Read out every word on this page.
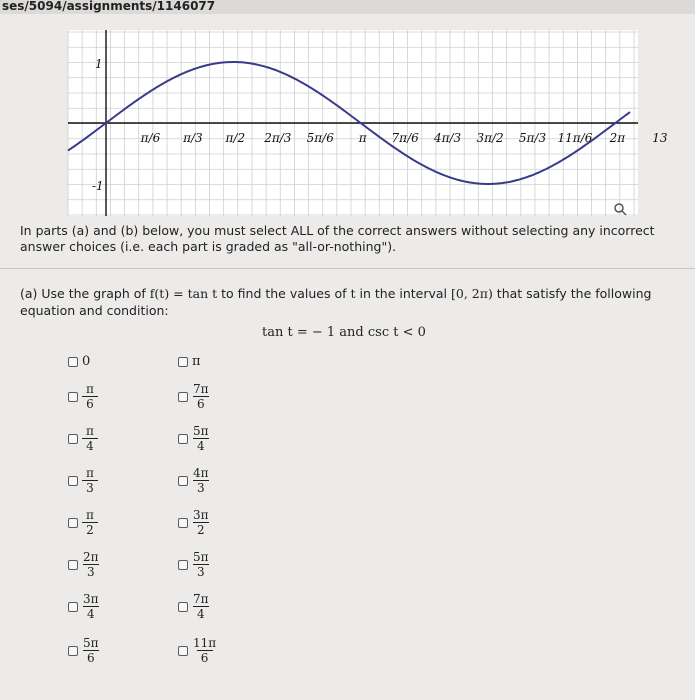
ses/5094/assignments/1146077
π/6 π/3 π/2 2π/3 5π/6 π 7π/6 4π/3 3π/2 5π/3 11π/6 2π 13
1
-1
In parts (a) and (b) below, you must select ALL of the correct answers without selecting any incorrect answer choices (i.e. each part is graded as "all-or-nothing").
(a) Use the graph of f(t) = tan t to find the values of t in the interval [0, 2π) that satisfy the following equation and condition:
tan t = − 1 and csc t < 0
0
$\frac{\pi}{6}$
$\frac{\pi}{4}$
$\frac{\pi}{3}$
$\frac{\pi}{2}$
$\frac{2\pi}{3}$
$\frac{3\pi}{4}$
$\frac{5\pi}{6}$
π
$\frac{7\pi}{6}$
$\frac{5\pi}{4}$
$\frac{4\pi}{3}$
$\frac{3\pi}{2}$
$\frac{5\pi}{3}$
$\frac{7\pi}{4}$
$\frac{11\pi}{6}$
